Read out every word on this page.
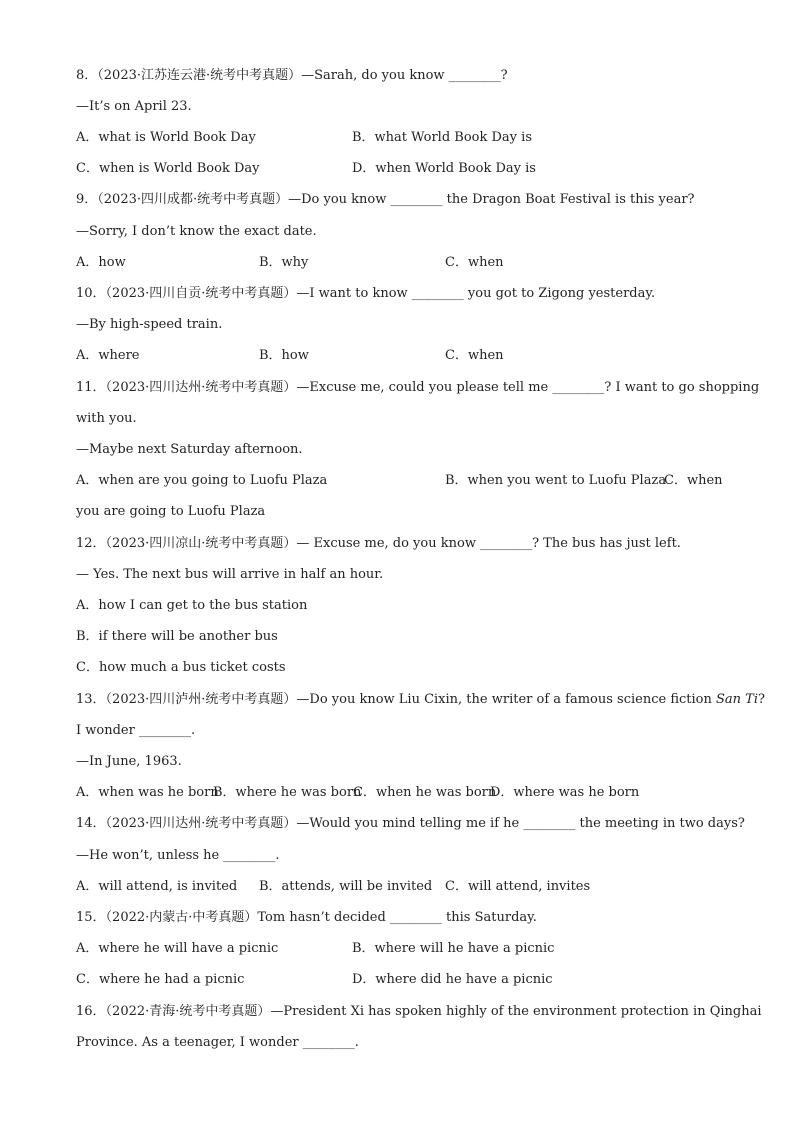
8．（2023·江苏连云港·统考中考真题）—Sarah, do you know ________?
—It’s on April 23.
A．what is World Book Day	B．what World Book Day is
C．when is World Book Day	D．when World Book Day is
9．（2023·四川成都·统考中考真题）—Do you know ________ the Dragon Boat Festival is this year?
—Sorry, I don’t know the exact date.
A．how	B．why	C．when
10．（2023·四川自贡·统考中考真题）—I want to know ________ you got to Zigong yesterday.
—By high-speed train.
A．where	B．how	C．when
11．（2023·四川达州·统考中考真题）—Excuse me, could you please tell me ________? I want to go shopping
with you.
—Maybe next Saturday afternoon.
A．when are you going to Luofu Plaza	B．when you went to Luofu Plaza
C．when
you are going to Luofu Plaza
12．（2023·四川凉山·统考中考真题）— Excuse me, do you know ________? The bus has just left.
— Yes. The next bus will arrive in half an hour.
A．how I can get to the bus station
B．if there will be another bus
C．how much a bus ticket costs
13．（2023·四川泸州·统考中考真题）—Do you know Liu Cixin, the writer of a famous science fiction San Ti?
I wonder ________.
—In June, 1963.
A．when was he born
B．where he was born
C．when he was born
D．where was he born
14．（2023·四川达州·统考中考真题）—Would you mind telling me if he ________ the meeting in two days?
—He won’t, unless he ________.
A．will attend, is invited B．attends, will be invited C．will attend, invites
15．（2022·内蒙古·中考真题）Tom hasn’t decided ________ this Saturday.
A．where he will have a picnic	B．where will he have a picnic
C．where he had a picnic	D．where did he have a picnic
16．（2022·青海·统考中考真题）—President Xi has spoken highly of the environment protection in Qinghai
Province. As a teenager, I wonder ________.
